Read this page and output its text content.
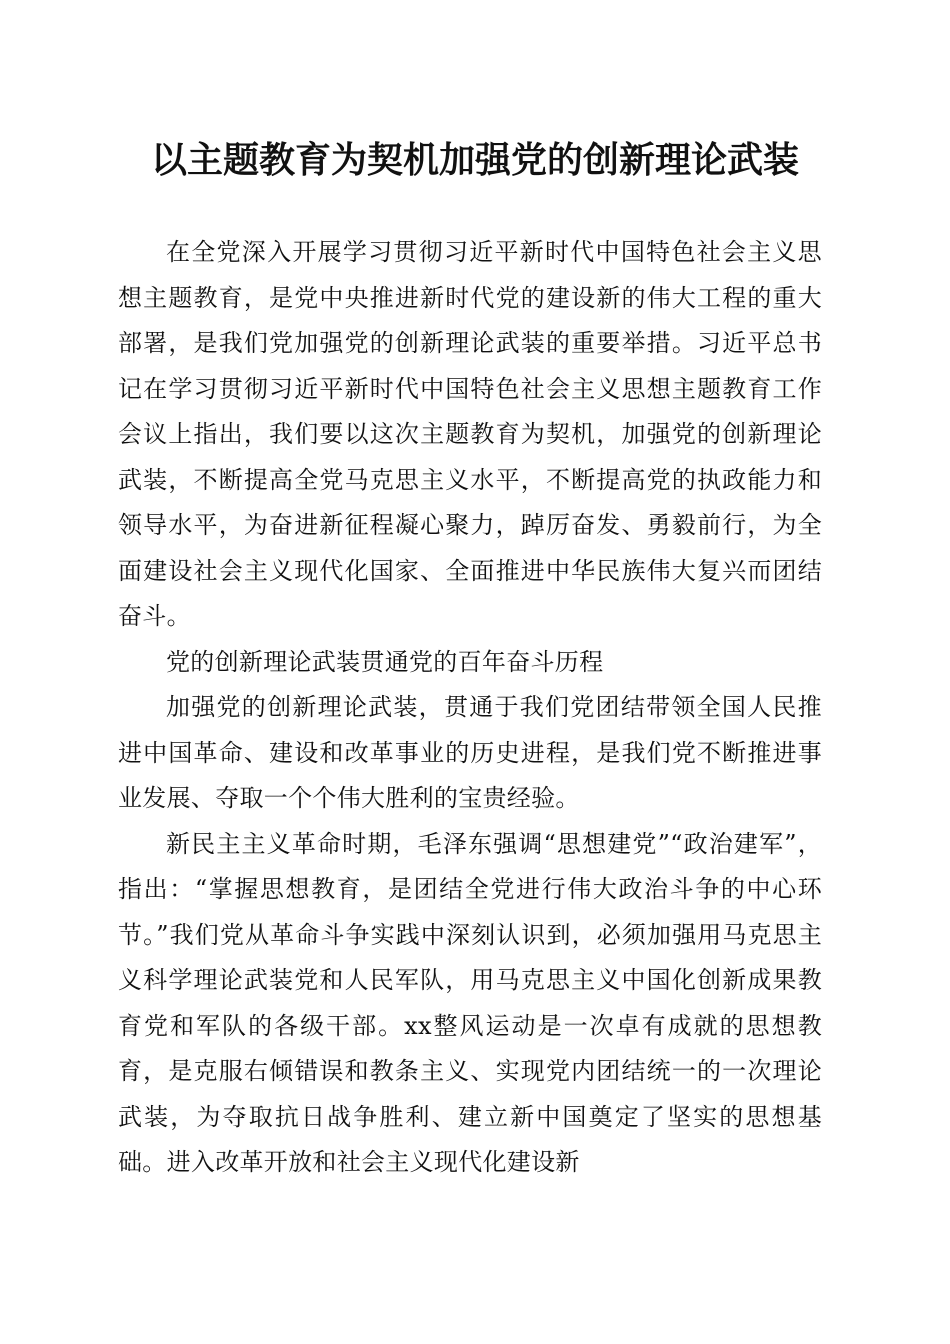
以主题教育为契机加强党的创新理论武装

在全党深入开展学习贯彻习近平新时代中国特色社会主义思想主题教育，是党中央推进新时代党的建设新的伟大工程的重大部署，是我们党加强党的创新理论武装的重要举措。习近平总书记在学习贯彻习近平新时代中国特色社会主义思想主题教育工作会议上指出，我们要以这次主题教育为契机，加强党的创新理论武装，不断提高全党马克思主义水平，不断提高党的执政能力和领导水平，为奋进新征程凝心聚力，踔厉奋发、勇毅前行，为全面建设社会主义现代化国家、全面推进中华民族伟大复兴而团结奋斗。

党的创新理论武装贯通党的百年奋斗历程

加强党的创新理论武装，贯通于我们党团结带领全国人民推进中国革命、建设和改革事业的历史进程，是我们党不断推进事业发展、夺取一个个伟大胜利的宝贵经验。

新民主主义革命时期，毛泽东强调“思想建党”“政治建军”，指出：“掌握思想教育，是团结全党进行伟大政治斗争的中心环节。”我们党从革命斗争实践中深刻认识到，必须加强用马克思主义科学理论武装党和人民军队，用马克思主义中国化创新成果教育党和军队的各级干部。xx整风运动是一次卓有成就的思想教育，是克服右倾错误和教条主义、实现党内团结统一的一次理论武装，为夺取抗日战争胜利、建立新中国奠定了坚实的思想基础。进入改革开放和社会主义现代化建设新
